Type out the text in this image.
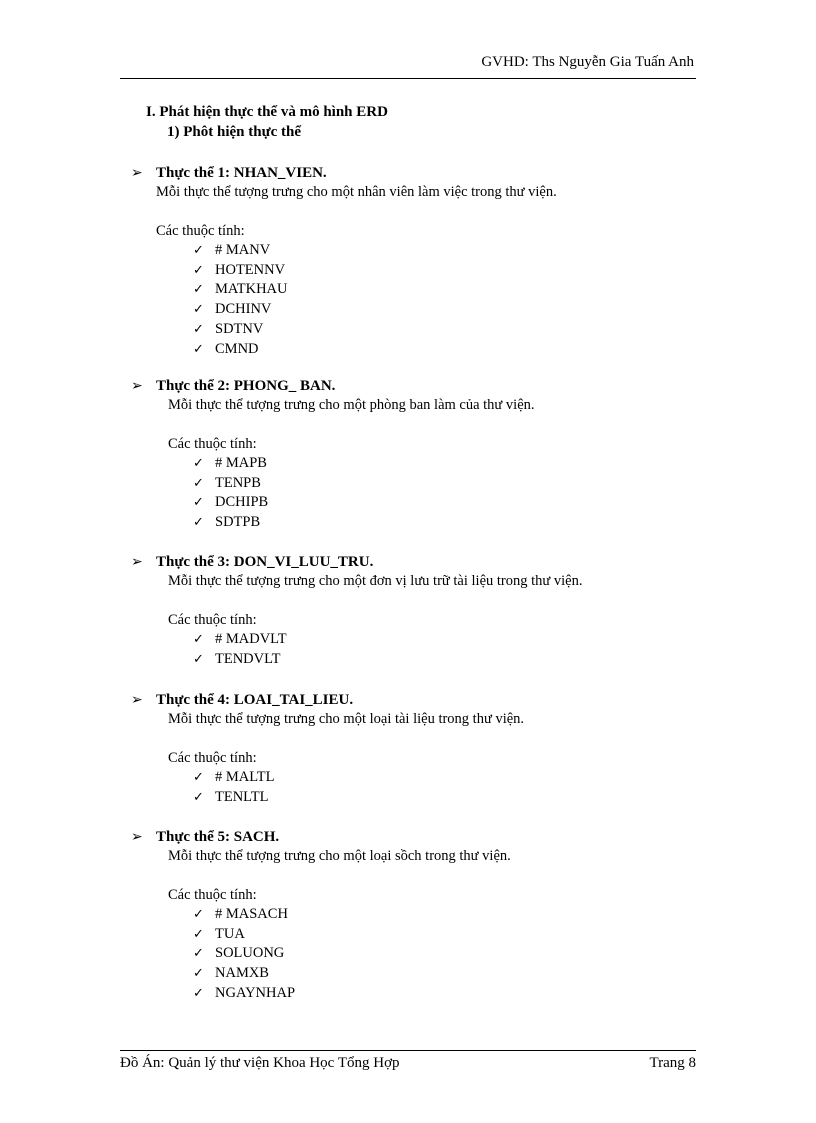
GVHD: Ths Nguyễn Gia Tuấn Anh
I. Phát hiện thực thể và mô hình ERD
1) Phôt hiện thực thể
➢ Thực thể 1: NHAN_VIEN.
Mỗi thực thể tượng trưng cho một nhân viên làm việc trong thư viện.
Các thuộc tính:
✓ # MANV
✓ HOTENNV
✓ MATKHAU
✓ DCHINV
✓ SDTNV
✓ CMND
➢ Thực thể 2: PHONG_ BAN.
Mỗi thực thể tượng trưng cho một phòng ban làm của thư viện.
Các thuộc tính:
✓ # MAPB
✓ TENPB
✓ DCHIPB
✓ SDTPB
➢ Thực thể 3: DON_VI_LUU_TRU.
Mỗi thực thể tượng trưng cho một đơn vị lưu trữ tài liệu trong thư viện.
Các thuộc tính:
✓ # MADVLT
✓ TENDVLT
➢ Thực thể 4: LOAI_TAI_LIEU.
Mỗi thực thể tượng trưng cho một loại tài liệu trong thư viện.
Các thuộc tính:
✓ # MALTL
✓ TENLTL
➢ Thực thể 5: SACH.
Mỗi thực thể tượng trưng cho một loại sồch trong thư viện.
Các thuộc tính:
✓ # MASACH
✓ TUA
✓ SOLUONG
✓ NAMXB
✓ NGAYNHAP
Đồ Án: Quản lý thư viện Khoa Học Tổng Hợp	Trang 8
